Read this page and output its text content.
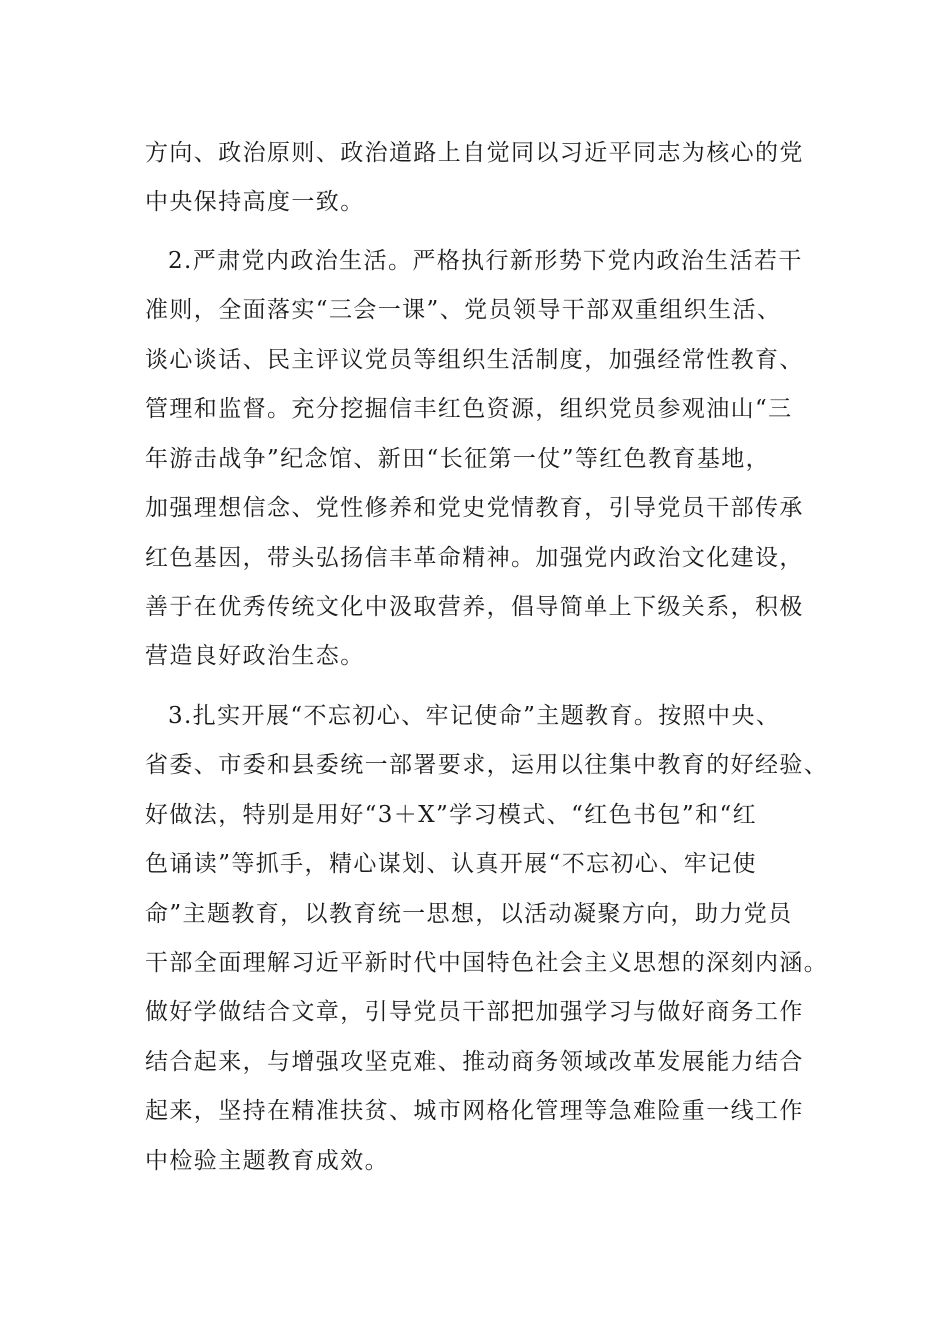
方向、政治原则、政治道路上自觉同以习近平同志为核心的党
中央保持高度一致。
2.严肃党内政治生活。严格执行新形势下党内政治生活若干
准则，全面落实“三会一课”、党员领导干部双重组织生活、
谈心谈话、民主评议党员等组织生活制度，加强经常性教育、
管理和监督。充分挖掘信丰红色资源，组织党员参观油山“三
年游击战争”纪念馆、新田“长征第一仗”等红色教育基地，
加强理想信念、党性修养和党史党情教育，引导党员干部传承
红色基因，带头弘扬信丰革命精神。加强党内政治文化建设，
善于在优秀传统文化中汲取营养，倡导简单上下级关系，积极
营造良好政治生态。
3.扎实开展“不忘初心、牢记使命”主题教育。按照中央、
省委、市委和县委统一部署要求，运用以往集中教育的好经验、
好做法，特别是用好“3＋X”学习模式、“红色书包”和“红
色诵读”等抓手，精心谋划、认真开展“不忘初心、牢记使
命”主题教育，以教育统一思想，以活动凝聚方向，助力党员
干部全面理解习近平新时代中国特色社会主义思想的深刻内涵。
做好学做结合文章，引导党员干部把加强学习与做好商务工作
结合起来，与增强攻坚克难、推动商务领域改革发展能力结合
起来，坚持在精准扶贫、城市网格化管理等急难险重一线工作
中检验主题教育成效。
